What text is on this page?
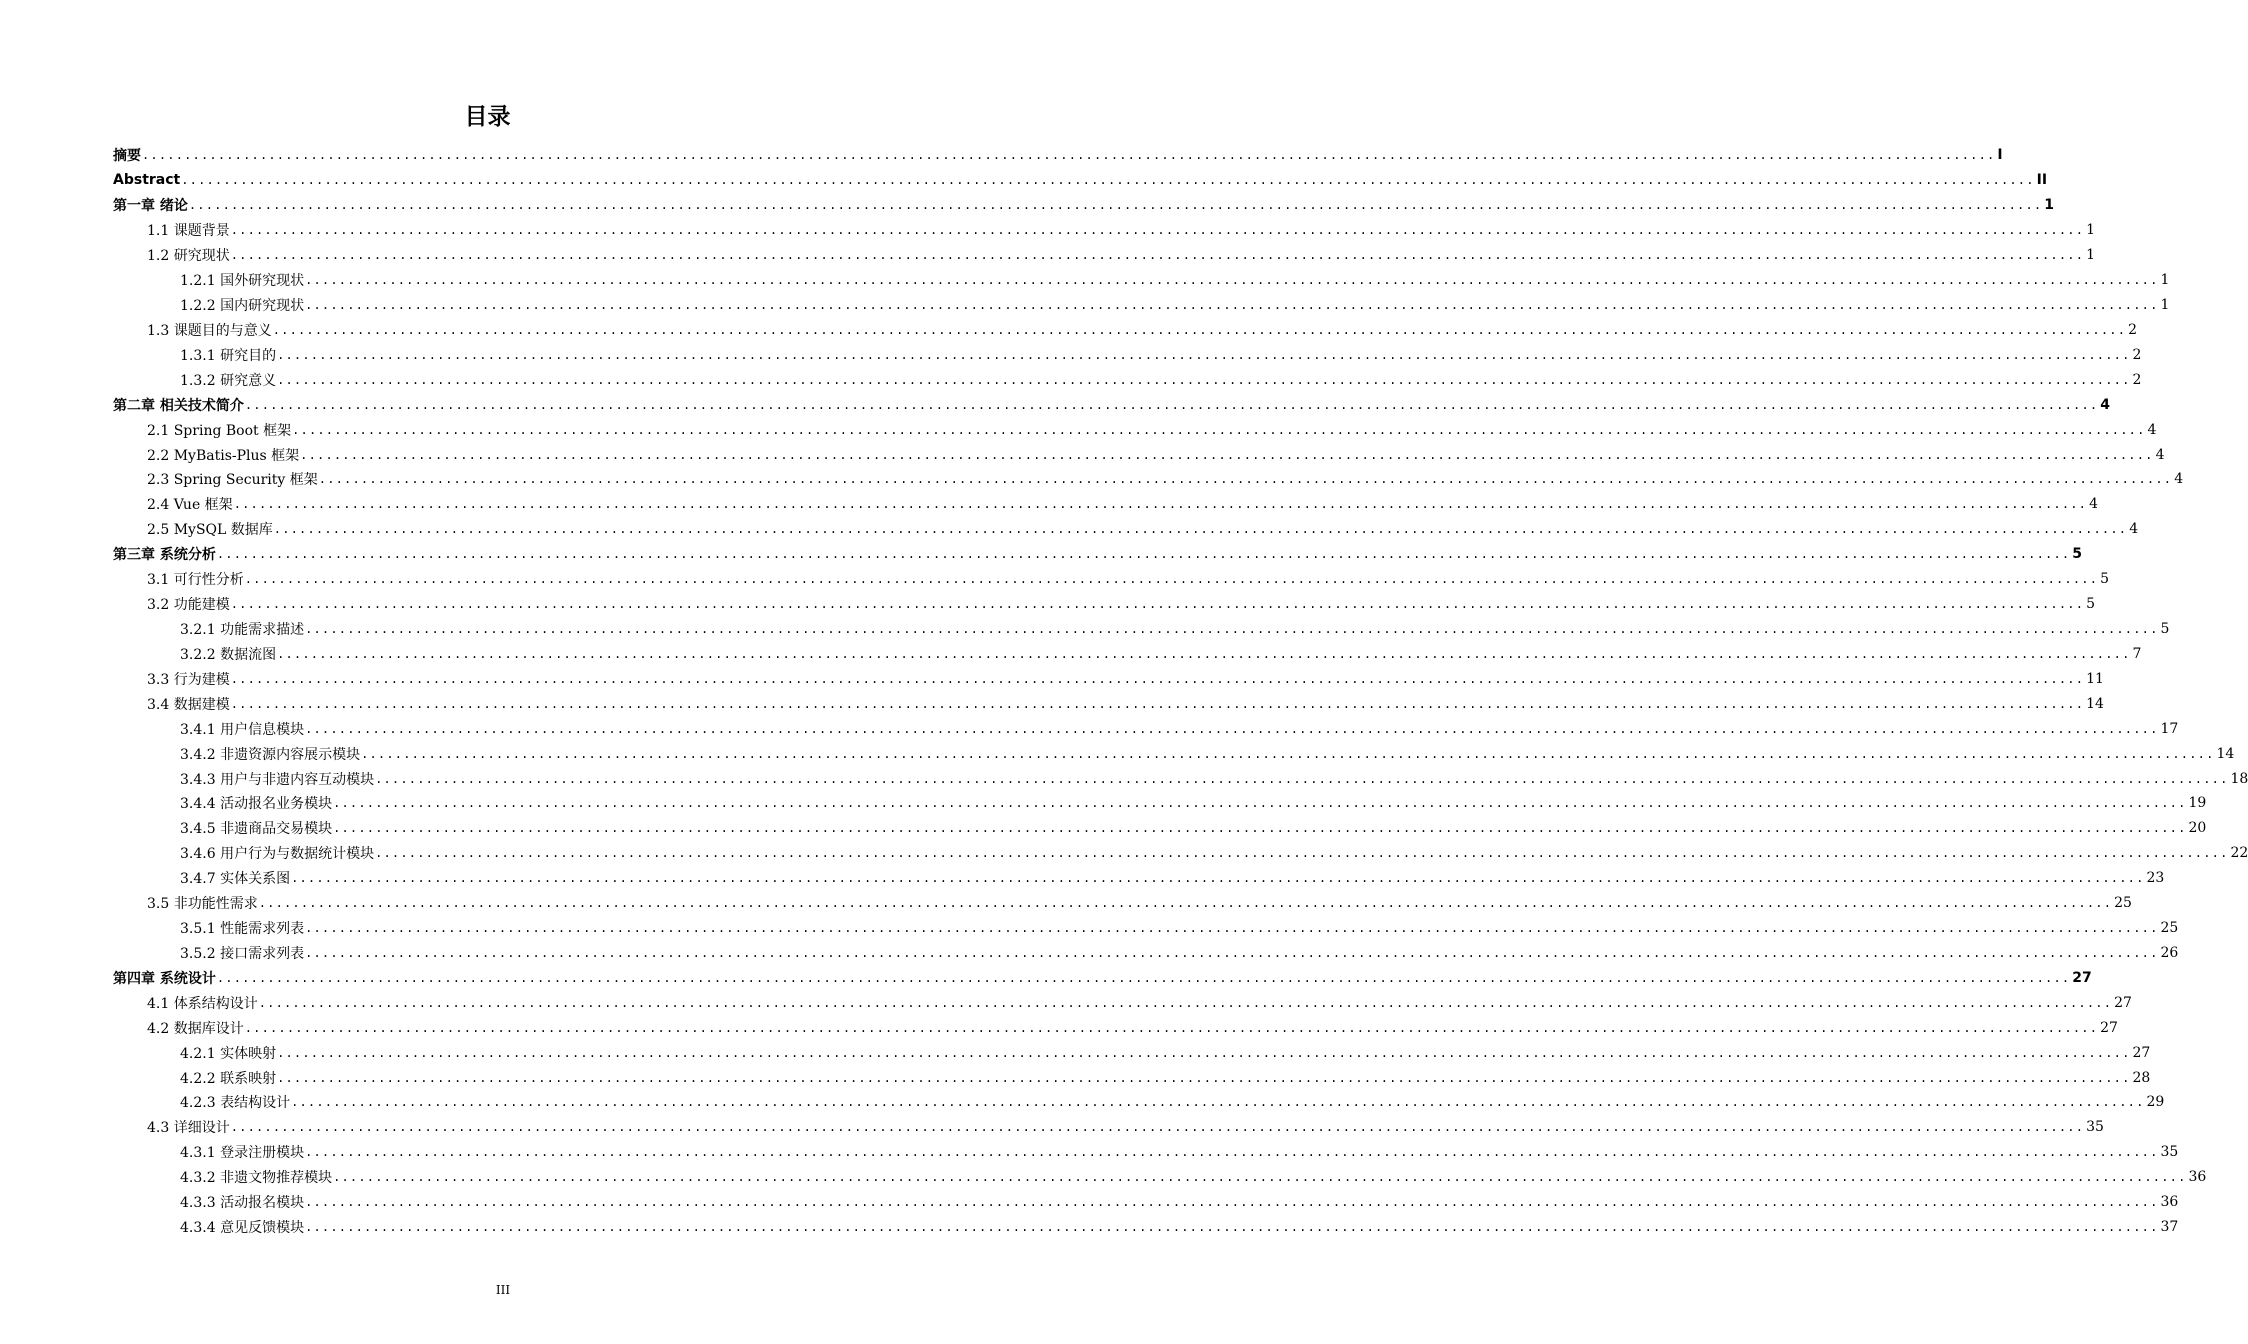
目录
摘要 ............................................................................................................................................................................................................................ I
Abstract ............................................................................................................................................................................................................................ II
第一章 绪论 ............................................................................................................................................................................................................................ 1
1.1 课题背景 ............................................................................................................................................................................................................................ 1
1.2 研究现状 ............................................................................................................................................................................................................................ 1
1.2.1 国外研究现状 ............................................................................................................................................................................................................................ 1
1.2.2 国内研究现状 ............................................................................................................................................................................................................................ 1
1.3 课题目的与意义 ............................................................................................................................................................................................................................ 2
1.3.1 研究目的 ............................................................................................................................................................................................................................ 2
1.3.2 研究意义 ............................................................................................................................................................................................................................ 2
第二章 相关技术简介 ............................................................................................................................................................................................................................ 4
2.1 Spring Boot 框架 ............................................................................................................................................................................................................................ 4
2.2 MyBatis-Plus 框架 ............................................................................................................................................................................................................................ 4
2.3 Spring Security 框架 ............................................................................................................................................................................................................................ 4
2.4 Vue 框架 ............................................................................................................................................................................................................................ 4
2.5 MySQL 数据库 ............................................................................................................................................................................................................................ 4
第三章 系统分析 ............................................................................................................................................................................................................................ 5
3.1 可行性分析 ............................................................................................................................................................................................................................ 5
3.2 功能建模 ............................................................................................................................................................................................................................ 5
3.2.1 功能需求描述 ............................................................................................................................................................................................................................ 5
3.2.2 数据流图 ............................................................................................................................................................................................................................ 7
3.3 行为建模 ............................................................................................................................................................................................................................ 11
3.4 数据建模 ............................................................................................................................................................................................................................ 14
3.4.1 用户信息模块 ............................................................................................................................................................................................................................ 17
3.4.2 非遗资源内容展示模块 ............................................................................................................................................................................................................................ 14
3.4.3 用户与非遗内容互动模块 ............................................................................................................................................................................................................................ 18
3.4.4 活动报名业务模块 ............................................................................................................................................................................................................................ 19
3.4.5 非遗商品交易模块 ............................................................................................................................................................................................................................ 20
3.4.6 用户行为与数据统计模块 ............................................................................................................................................................................................................................ 22
3.4.7 实体关系图 ............................................................................................................................................................................................................................ 23
3.5 非功能性需求 ............................................................................................................................................................................................................................ 25
3.5.1 性能需求列表 ............................................................................................................................................................................................................................ 25
3.5.2 接口需求列表 ............................................................................................................................................................................................................................ 26
第四章 系统设计 ............................................................................................................................................................................................................................ 27
4.1 体系结构设计 ............................................................................................................................................................................................................................ 27
4.2 数据库设计 ............................................................................................................................................................................................................................ 27
4.2.1 实体映射 ............................................................................................................................................................................................................................ 27
4.2.2 联系映射 ............................................................................................................................................................................................................................ 28
4.2.3 表结构设计 ............................................................................................................................................................................................................................ 29
4.3 详细设计 ............................................................................................................................................................................................................................ 35
4.3.1 登录注册模块 ............................................................................................................................................................................................................................ 35
4.3.2 非遗文物推荐模块 ............................................................................................................................................................................................................................ 36
4.3.3 活动报名模块 ............................................................................................................................................................................................................................ 36
4.3.4 意见反馈模块 ............................................................................................................................................................................................................................ 37
III
